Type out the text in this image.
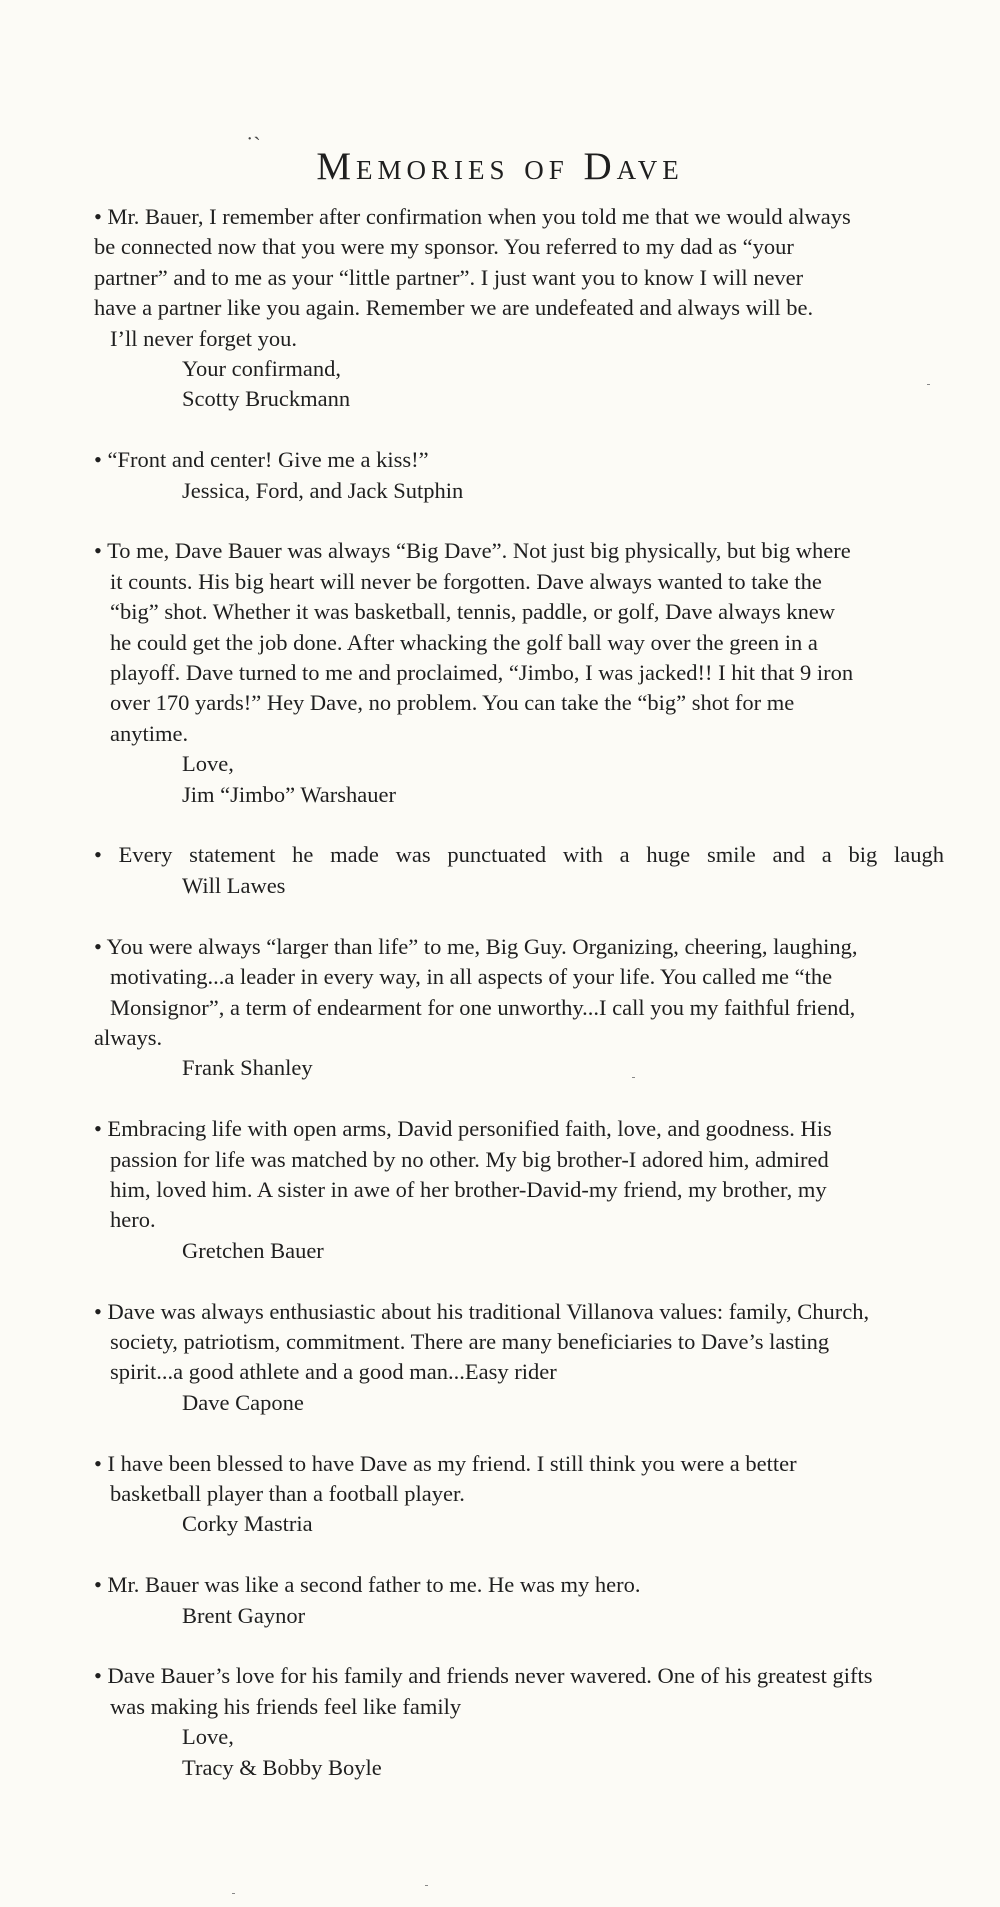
˙`
Memories of Dave
• Mr. Bauer, I remember after confirmation when you told me that we would always
be connected now that you were my sponsor. You referred to my dad as “your
partner” and to me as your “little partner”. I just want you to know I will never
have a partner like you again. Remember we are undefeated and always will be.
I’ll never forget you.
Your confirmand,
Scotty Bruckmann
• “Front and center! Give me a kiss!”
Jessica, Ford, and Jack Sutphin
• To me, Dave Bauer was always “Big Dave”. Not just big physically, but big where
it counts. His big heart will never be forgotten. Dave always wanted to take the
“big” shot. Whether it was basketball, tennis, paddle, or golf, Dave always knew
he could get the job done. After whacking the golf ball way over the green in a
playoff. Dave turned to me and proclaimed, “Jimbo, I was jacked!! I hit that 9 iron
over 170 yards!” Hey Dave, no problem. You can take the “big” shot for me
anytime.
Love,
Jim “Jimbo” Warshauer
• Every statement he made was punctuated with a huge smile and a big laugh
Will Lawes
• You were always “larger than life” to me, Big Guy. Organizing, cheering, laughing,
motivating...a leader in every way, in all aspects of your life. You called me “the
Monsignor”, a term of endearment for one unworthy...I call you my faithful friend,
always.
Frank Shanley
• Embracing life with open arms, David personified faith, love, and goodness. His
passion for life was matched by no other. My big brother-I adored him, admired
him, loved him. A sister in awe of her brother-David-my friend, my brother, my
hero.
Gretchen Bauer
• Dave was always enthusiastic about his traditional Villanova values: family, Church,
society, patriotism, commitment. There are many beneficiaries to Dave’s lasting
spirit...a good athlete and a good man...Easy rider
Dave Capone
• I have been blessed to have Dave as my friend. I still think you were a better
basketball player than a football player.
Corky Mastria
• Mr. Bauer was like a second father to me. He was my hero.
Brent Gaynor
• Dave Bauer’s love for his family and friends never wavered. One of his greatest gifts
was making his friends feel like family
Love,
Tracy & Bobby Boyle
